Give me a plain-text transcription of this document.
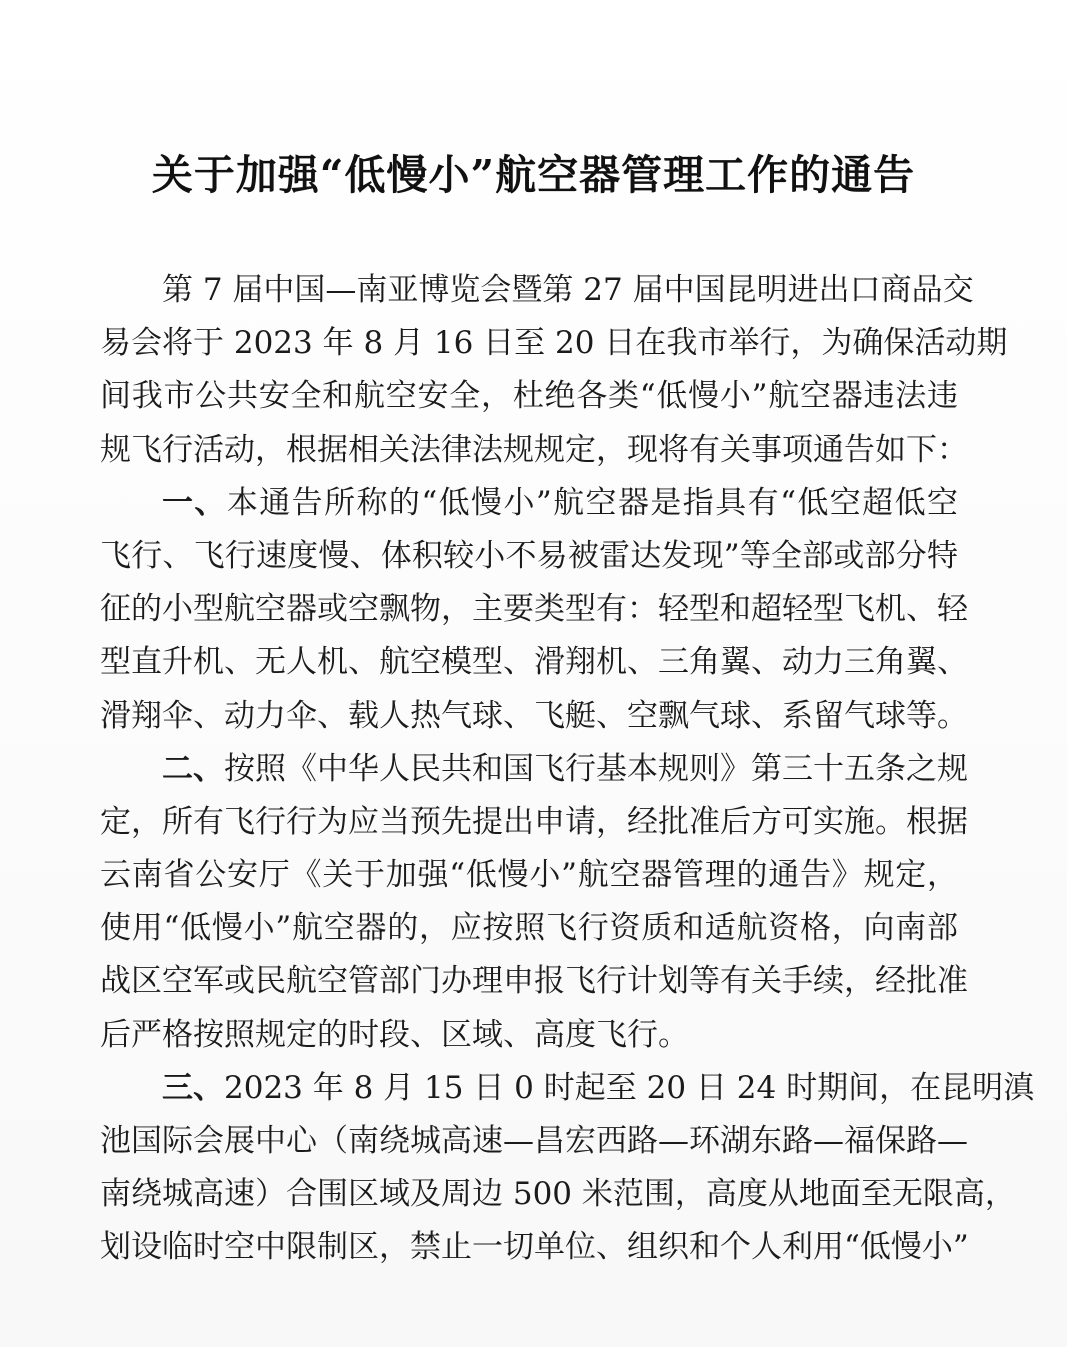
关于加强“低慢小”航空器管理工作的通告
第 7 届中国—南亚博览会暨第 27 届中国昆明进出口商品交
易会将于 2023 年 8 月 16 日至 20 日在我市举行，为确保活动期
间我市公共安全和航空安全，杜绝各类“低慢小”航空器违法违
规飞行活动，根据相关法律法规规定，现将有关事项通告如下：
一、本通告所称的“低慢小”航空器是指具有“低空超低空
飞行、飞行速度慢、体积较小不易被雷达发现”等全部或部分特
征的小型航空器或空飘物，主要类型有：轻型和超轻型飞机、轻
型直升机、无人机、航空模型、滑翔机、三角翼、动力三角翼、
滑翔伞、动力伞、载人热气球、飞艇、空飘气球、系留气球等。
二、按照《中华人民共和国飞行基本规则》第三十五条之规
定，所有飞行行为应当预先提出申请，经批准后方可实施。根据
云南省公安厅《关于加强“低慢小”航空器管理的通告》规定，
使用“低慢小”航空器的，应按照飞行资质和适航资格，向南部
战区空军或民航空管部门办理申报飞行计划等有关手续，经批准
后严格按照规定的时段、区域、高度飞行。
三、2023 年 8 月 15 日 0 时起至 20 日 24 时期间，在昆明滇
池国际会展中心（南绕城高速—昌宏西路—环湖东路—福保路—
南绕城高速）合围区域及周边 500 米范围，高度从地面至无限高，
划设临时空中限制区，禁止一切单位、组织和个人利用“低慢小”
